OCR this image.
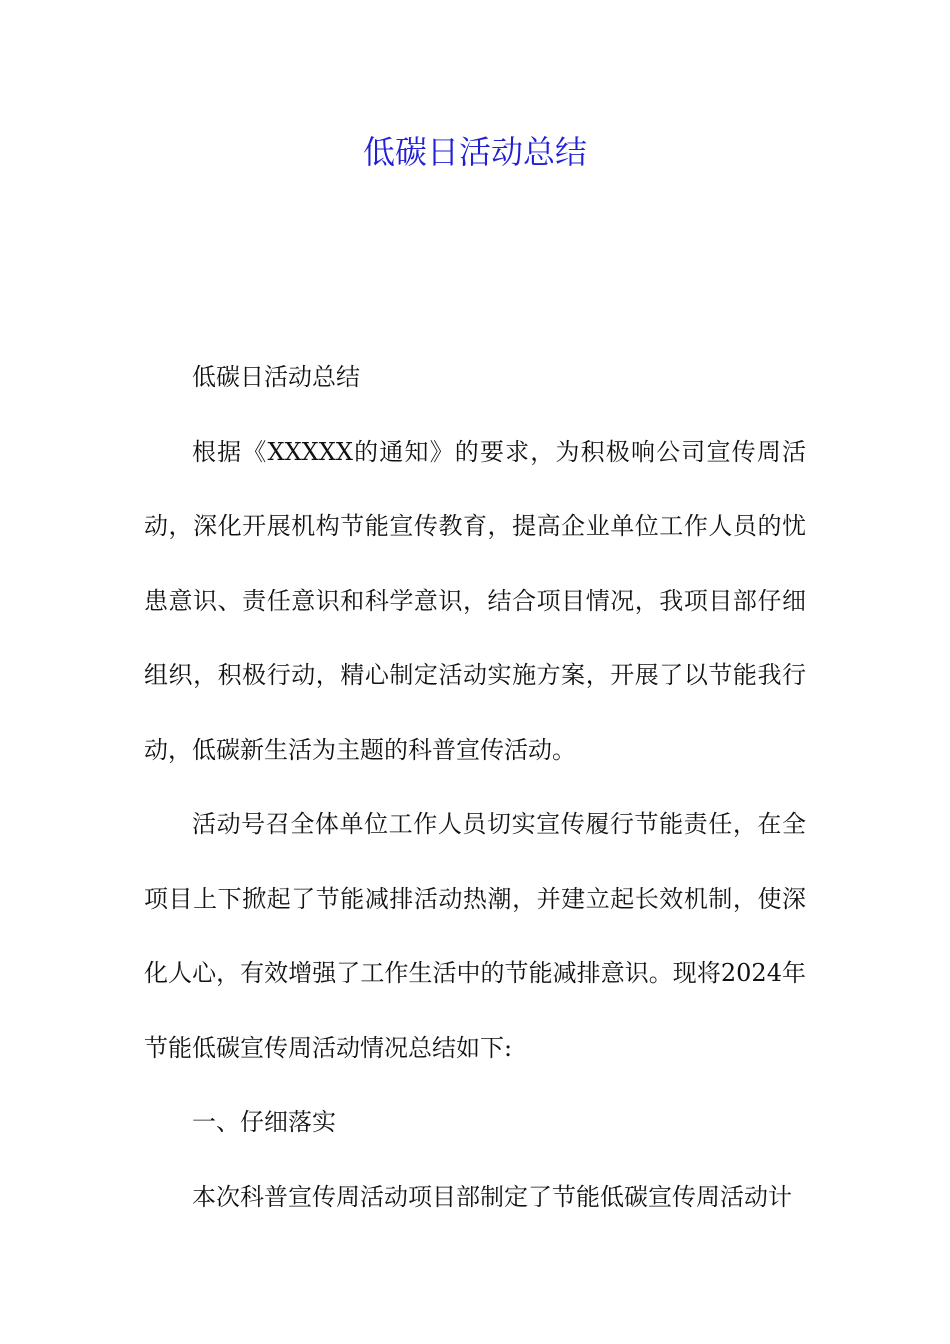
低碳日活动总结

低碳日活动总结

根据《XXXXX的通知》的要求，为积极响公司宣传周活动，深化开展机构节能宣传教育，提高企业单位工作人员的忧患意识、责任意识和科学意识，结合项目情况，我项目部仔细组织，积极行动，精心制定活动实施方案，开展了以节能我行动，低碳新生活为主题的科普宣传活动。

活动号召全体单位工作人员切实宣传履行节能责任，在全项目上下掀起了节能减排活动热潮，并建立起长效机制，使深化人心，有效增强了工作生活中的节能减排意识。现将2024年节能低碳宣传周活动情况总结如下:

一、仔细落实

本次科普宣传周活动项目部制定了节能低碳宣传周活动计
